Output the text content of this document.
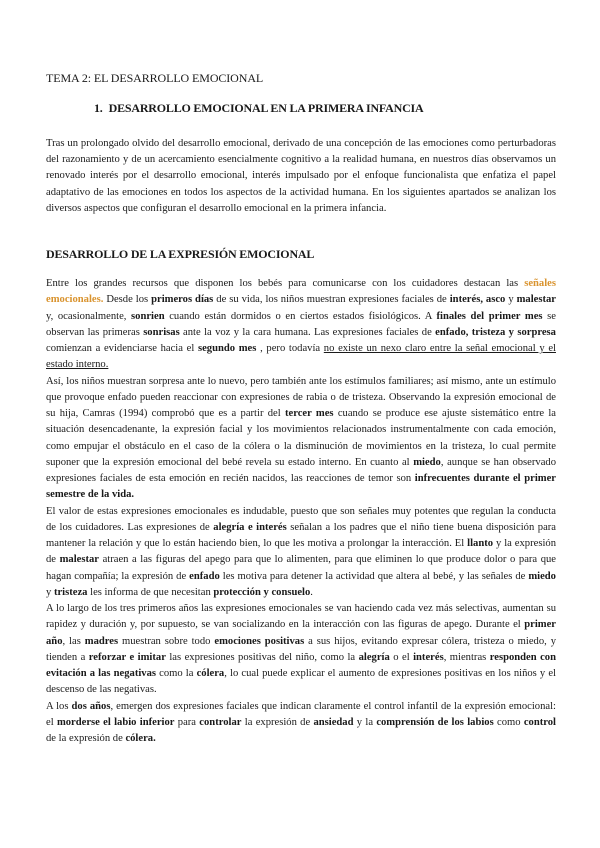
TEMA 2: EL DESARROLLO EMOCIONAL
1. DESARROLLO EMOCIONAL EN LA PRIMERA INFANCIA

Tras un prolongado olvido del desarrollo emocional, derivado de una concepción de las emociones como perturbadoras del razonamiento y de un acercamiento esencialmente cognitivo a la realidad humana, en nuestros días observamos un renovado interés por el desarrollo emocional, interés impulsado por el enfoque funcionalista que enfatiza el papel adaptativo de las emociones en todos los aspectos de la actividad humana. En los siguientes apartados se analizan los diversos aspectos que configuran el desarrollo emocional en la primera infancia.

DESARROLLO DE LA EXPRESIÓN EMOCIONAL

Entre los grandes recursos que disponen los bebés para comunicarse con los cuidadores destacan las señales emocionales. Desde los primeros días de su vida, los niños muestran expresiones faciales de interés, asco y malestar y, ocasionalmente, sonrien cuando están dormidos o en ciertos estados fisiológicos. A finales del primer mes se observan las primeras sonrisas ante la voz y la cara humana. Las expresiones faciales de enfado, tristeza y sorpresa comienzan a evidenciarse hacia el segundo mes , pero todavía no existe un nexo claro entre la señal emocional y el estado interno.

Así, los niños muestran sorpresa ante lo nuevo, pero también ante los estímulos familiares; así mismo, ante un estímulo que provoque enfado pueden reaccionar con expresiones de rabia o de tristeza. Observando la expresión emocional de su hija, Camras (1994) comprobó que es a partir del tercer mes cuando se produce ese ajuste sistemático entre la situación desencadenante, la expresión facial y los movimientos relacionados instrumentalmente con cada emoción, como empujar el obstáculo en el caso de la cólera o la disminución de movimientos en la tristeza, lo cual permite suponer que la expresión emocional del bebé revela su estado interno. En cuanto al miedo, aunque se han observado expresiones faciales de esta emoción en recién nacidos, las reacciones de temor son infrecuentes durante el primer semestre de la vida.

El valor de estas expresiones emocionales es indudable, puesto que son señales muy potentes que regulan la conducta de los cuidadores. Las expresiones de alegría e interés señalan a los padres que el niño tiene buena disposición para mantener la relación y que lo están haciendo bien, lo que les motiva a prolongar la interacción. El llanto y la expresión de malestar atraen a las figuras del apego para que lo alimenten, para que eliminen lo que produce dolor o para que hagan compañía; la expresión de enfado les motiva para detener la actividad que altera al bebé, y las señales de miedo y tristeza les informa de que necesitan protección y consuelo.

A lo largo de los tres primeros años las expresiones emocionales se van haciendo cada vez más selectivas, aumentan su rapidez y duración y, por supuesto, se van socializando en la interacción con las figuras de apego. Durante el primer año, las madres muestran sobre todo emociones positivas a sus hijos, evitando expresar cólera, tristeza o miedo, y tienden a reforzar e imitar las expresiones positivas del niño, como la alegría o el interés, mientras responden con evitación a las negativas como la cólera, lo cual puede explicar el aumento de expresiones positivas en los niños y el descenso de las negativas.

A los dos años, emergen dos expresiones faciales que indican claramente el control infantil de la expresión emocional: el morderse el labio inferior para controlar la expresión de ansiedad y la comprensión de los labios como control de la expresión de cólera.
